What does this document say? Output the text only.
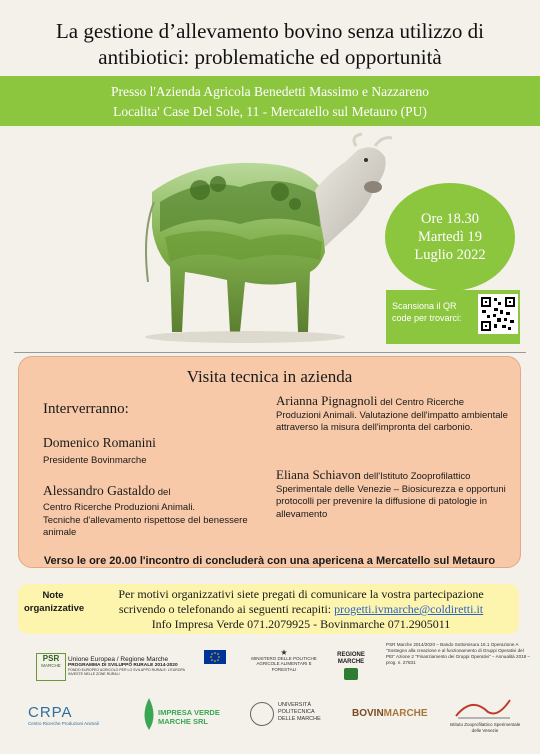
La gestione d’allevamento bovino senza utilizzo di
antibiotici: problematiche ed opportunità
Presso l'Azienda Agricola Benedetti Massimo e Nazzareno
Localita' Case Del Sole, 11 - Mercatello sul Metauro (PU)
Ore 18.30
Martedì 19
Luglio 2022
Scansiona il QR code per trovarci:
Visita tecnica in azienda
Interverranno:
Domenico Romanini
Presidente Bovinmarche
Alessandro Gastaldo del
Centro Ricerche Produzioni Animali.
Tecniche d'allevamento rispettose del benessere animale
Arianna Pignagnoli del Centro Ricerche Produzioni Animali. Valutazione dell'impatto ambientale attraverso la misura dell'impronta del carbonio.
Eliana Schiavon dell'Istituto Zooprofilattico Sperimentale delle Venezie – Biosicurezza e opportuni protocolli per prevenire la diffusione di patologie in allevamento
Verso le ore 20.00 l'incontro di concluderà con una apericena a Mercatello sul Metauro
Note
organizzative
Per motivi organizzativi siete pregati di comunicare la vostra partecipazione
scrivendo o telefonando ai seguenti recapiti: progetti.ivmarche@coldiretti.it
Info Impresa Verde 071.2079925 - Bovinmarche 071.2905011
PSR
MARCHE
Unione Europea / Regione Marche
PROGRAMMA DI SVILUPPO RURALE 2014-2020
FONDO EUROPEO AGRICOLO PER LO SVILUPPO RURALE: L'EUROPA INVESTE NELLE ZONE RURALI
★
MINISTERO DELLE POLITICHE AGRICOLE ALIMENTARI E FORESTALI
REGIONE MARCHE
PSR Marche 2014/2020 – Bando Sottomisura 16.1 Operazione A "Sostegno alla creazione e al funzionamento di Gruppi Operativi del PEI" Azione 2 "Finanziamento dei Gruppi Operativi" – Annualità 2018 – prog. n. 27831
CRPA
Centro Ricerche Produzioni Animali
IMPRESA VERDE
MARCHE SRL
UNIVERSITÀ
POLITECNICA
DELLE MARCHE	BOVINMARCHE
Istituto Zooprofilattico Sperimentale delle Venezie
